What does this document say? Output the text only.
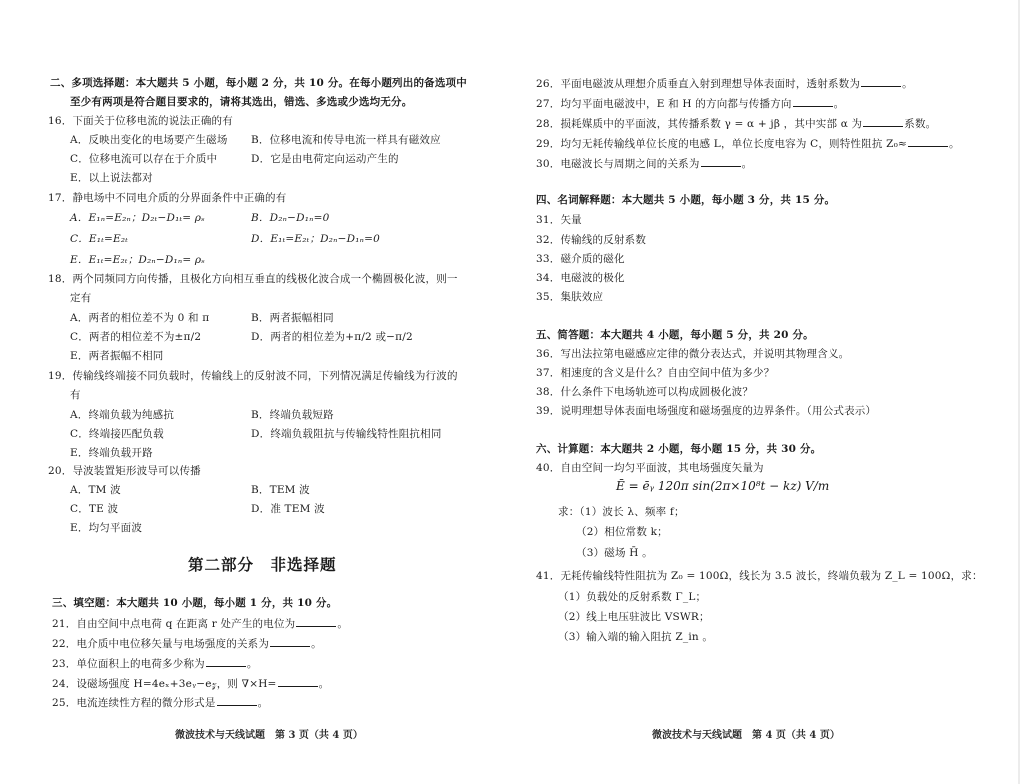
二、多项选择题：本大题共 5 小题，每小题 2 分，共 10 分。在每小题列出的备选项中
至少有两项是符合题目要求的，请将其选出，错选、多选或少选均无分。
16．下面关于位移电流的说法正确的有
A．反映出变化的电场要产生磁场 B．位移电流和传导电流一样具有磁效应
C．位移电流可以存在于介质中	D．它是由电荷定向运动产生的
E．以上说法都对
17．静电场中不同电介质的分界面条件中正确的有
A．E₁ₙ=E₂ₙ；D₂ₜ−D₁ₜ= ρₛ	B．D₂ₙ−D₁ₙ=0
C．E₁ₜ=E₂ₜ	D．E₁ₜ=E₂ₜ；D₂ₙ−D₁ₙ=0
E．E₁ₜ=E₂ₜ；D₂ₙ−D₁ₙ= ρₛ
18．两个同频同方向传播，且极化方向相互垂直的线极化波合成一个椭圆极化波，则一
定有
A．两者的相位差不为 0 和 π	B．两者振幅相同
C．两者的相位差不为±π/2	D．两者的相位差为+π/2 或−π/2
E．两者振幅不相同
19．传输线终端接不同负载时，传输线上的反射波不同，下列情况满足传输线为行波的
有
A．终端负载为纯感抗	B．终端负载短路
C．终端接匹配负载	D．终端负载阻抗与传输线特性阻抗相同
E．终端负载开路
20．导波装置矩形波导可以传播
A．TM 波	B．TEM 波
C．TE 波	D．准 TEM 波
E．均匀平面波
第二部分　非选择题
三、填空题：本大题共 10 小题，每小题 1 分，共 10 分。
21．自由空间中点电荷 q 在距离 r 处产生的电位为	。
22．电介质中电位移矢量与电场强度的关系为	。
23．单位面积上的电荷多少称为	。
24．设磁场强度 H=4eₓ+3eᵧ−e𝓏，则 ∇×H=	。
25．电流连续性方程的微分形式是	。
微波技术与天线试题　第 3 页（共 4 页）
26．平面电磁波从理想介质垂直入射到理想导体表面时，透射系数为	。
27．均匀平面电磁波中，E 和 H 的方向都与传播方向	。
28．损耗媒质中的平面波，其传播系数 γ = α + jβ ，其中实部 α 为	系数。
29．均匀无耗传输线单位长度的电感 L，单位长度电容为 C，则特性阻抗 Z₀≈	。
30．电磁波长与周期之间的关系为	。
四、名词解释题：本大题共 5 小题，每小题 3 分，共 15 分。
31．矢量
32．传输线的反射系数
33．磁介质的磁化
34．电磁波的极化
35．集肤效应
五、简答题：本大题共 4 小题，每小题 5 分，共 20 分。
36．写出法拉第电磁感应定律的微分表达式，并说明其物理含义。
37．相速度的含义是什么？自由空间中值为多少？
38．什么条件下电场轨迹可以构成圆极化波？
39．说明理想导体表面电场强度和磁场强度的边界条件。（用公式表示）
六、计算题：本大题共 2 小题，每小题 15 分，共 30 分。
40．自由空间一均匀平面波，其电场强度矢量为
Ē = ēᵧ 120π sin(2π×10⁸t − kz) V/m
求：（1）波长 λ、频率 f；
（2）相位常数 k；
（3）磁场 H̄ 。
41．无耗传输线特性阻抗为 Z₀ = 100Ω，线长为 3.5 波长，终端负载为 Z_L = 100Ω，求：
（1）负载处的反射系数 Γ_L；
（2）线上电压驻波比 VSWR；
（3）输入端的输入阻抗 Z_in 。
微波技术与天线试题　第 4 页（共 4 页）
